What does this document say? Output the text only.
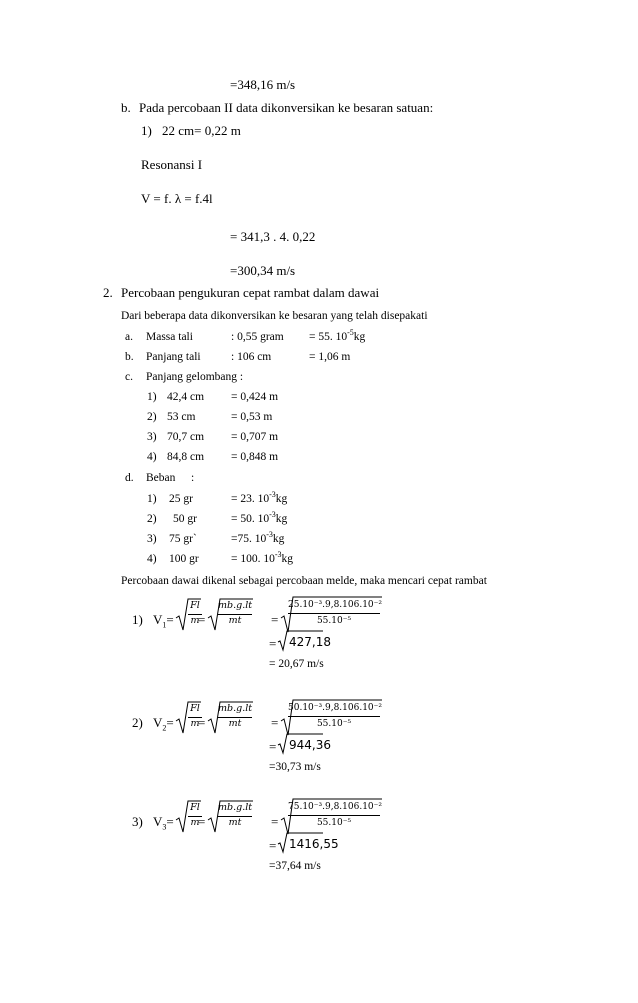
=348,16 m/s
b. Pada percobaan II data dikonversikan ke besaran satuan:
1) 22 cm= 0,22 m
Resonansi I
V = f. λ = f.4l
= 341,3 . 4. 0,22
=300,34 m/s
2. Percobaan pengukuran cepat rambat dalam dawai
Dari beberapa data dikonversikan ke besaran yang telah disepakati
a. Massa tali	: 0,55 gram = 55. $10^{-5}kg$
b. Panjang tali	: 106 cm	= 1,06 m
c. Panjang gelombang :
1) 42,4 cm = 0,424 m
2) 53 cm	= 0,53 m
3) 70,7 cm = 0,707 m
4) 84,8 cm = 0,848 m
d. Beban :
1) 25 gr	= 23. $10^{-3}kg$
2) 50 gr	= 50. $10^{-3}kg$
3) 75 gr`	=75. $10^{-3}kg$
4) 100 gr	= 100. $10^{-3}kg$
Percobaan dawai dikenal sebagai percobaan melde, maka mencari cepat rambat
1) $V_1=$
Fl
m
=
mb.g.lt
mt	=
25.10⁻³.9,8.106.10⁻²
55.10⁻⁵
= 427,18
= 20,67 m/s
2) $V_2=$
Fl
m
=
mb.g.lt
mt	=
50.10⁻³.9,8.106.10⁻²
55.10⁻⁵
= 944,36
=30,73 m/s
3) $V_3=$
Fl
m
=
mb.g.lt
mt	=
75.10⁻³.9,8.106.10⁻²
55.10⁻⁵
= 1416,55
=37,64 m/s
